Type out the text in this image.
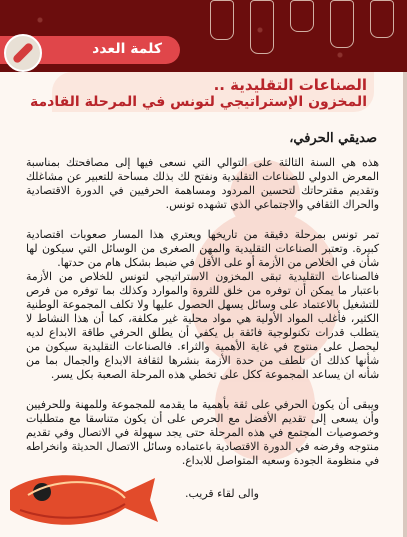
كلمة العدد
الصناعات التقليدية ..
المخزون الإستراتيجي لتونس في المرحلة القادمة
صديقي الحرفي،
هذه هي السنة الثالثة على التوالي التي نسعى فيها إلى مصافحتك بمناسبة المعرض الدولي للصناعات التقليدية ونفتح لك بذلك مساحة للتعبير عن مشاغلك وتقديم مقترحاتك لتحسين المردود ومساهمة الحرفيين في الدورة الاقتصادية والحراك الثقافي والاجتماعي الذي تشهده تونس.
تمر تونس بمرحلة دقيقة من تاريخها ويعتري هذا المسار صعوبات اقتصادية كبيرة. وتعتبر الصناعات التقليدية والمهن الصغرى من الوسائل التي سيكون لها شأن في الخلاص من الأزمة أو على الأقل في ضبط بشكل هام من حدتها.
فالصناعات التقليدية تبقى المخزون الاستراتيجي لتونس للخلاص من الأزمة باعتبار ما يمكن أن توفره من خلق للثروة والموارد وكذلك بما توفره من فرص للتشغيل بالاعتماد على وسائل يسهل الحصول عليها ولا تكلف المجموعة الوطنية الكثير، فأغلب المواد الأولية هي مواد محلية غير مكلفة، كما أن هذا النشاط لا يتطلب قدرات تكنولوجية فائقة بل يكفي أن يطلق الحرفي طاقة الابداع لديه ليحصل على منتوج في غاية الأهمية والثراء. فالصناعات التقليدية سيكون من شأنها كذلك أن تلطف من حدة الأزمة بنشرها لثقافة الابداع والجمال بما من شأنه ان يساعد المجموعة ككل على تخطي هذه المرحلة الصعبة بكل يسر.
ويبقى أن يكون الحرفي على ثقة بأهمية ما يقدمه للمجموعة وللمهنة وللحرفيين وأن يسعى إلى تقديم الأفضل مع الحرص على أن يكون متناسقا مع متطلبات وخصوصيات المجتمع في هذه المرحلة حتى يجد سهولة في الاتصال وفي تقديم منتوجه وفرضه في الدورة الاقتصادية باعتماده وسائل الاتصال الحديثة وانخراطه في منظومة الجودة وسعيه المتواصل للابداع.
والى لقاء قريب.
